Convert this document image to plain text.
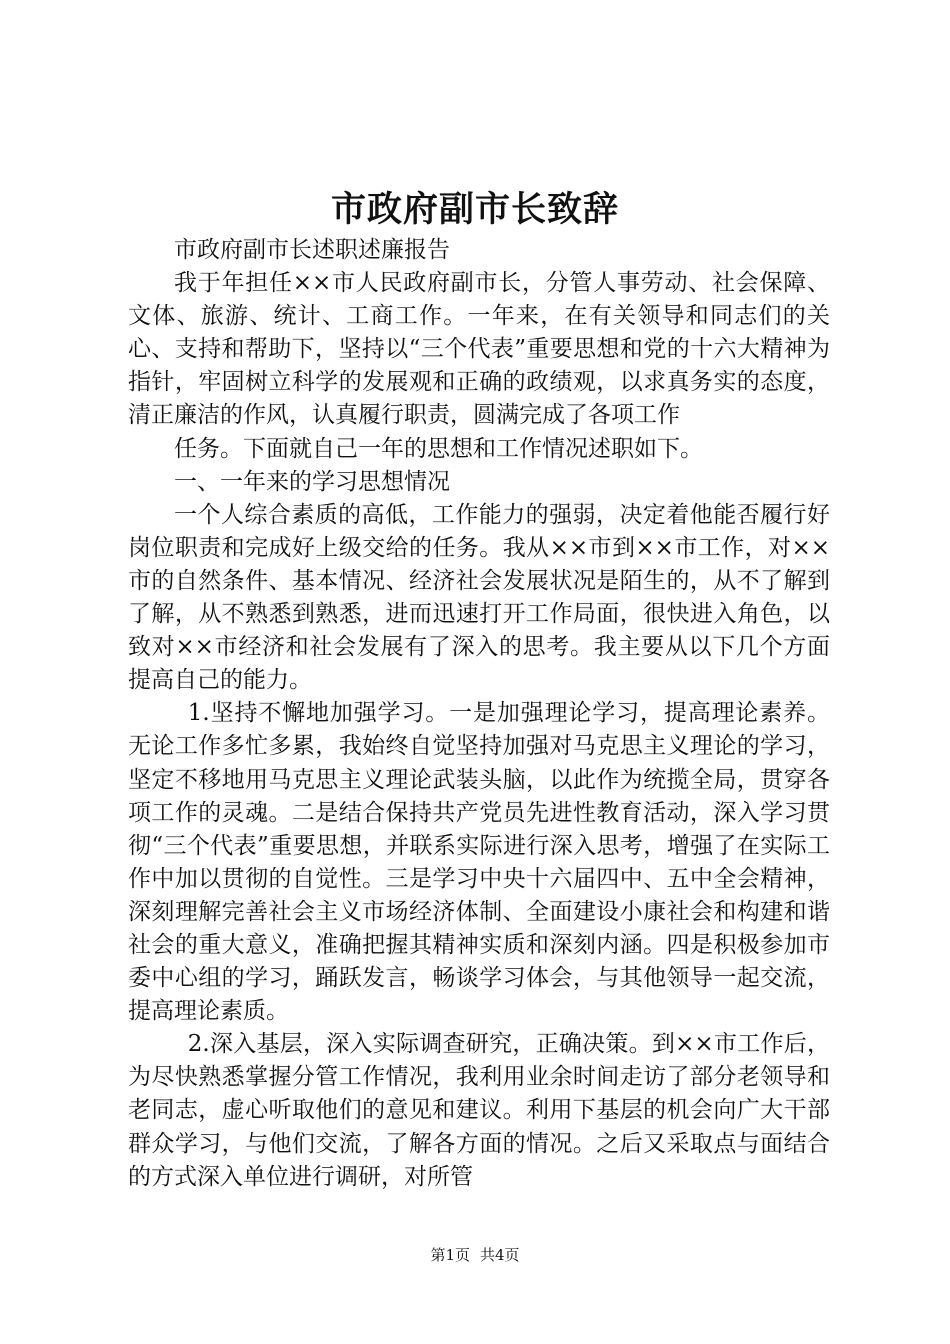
市政府副市长致辞

市政府副市长述职述廉报告

我于年担任××市人民政府副市长，分管人事劳动、社会保障、文体、旅游、统计、工商工作。一年来，在有关领导和同志们的关心、支持和帮助下，坚持以“三个代表”重要思想和党的十六大精神为指针，牢固树立科学的发展观和正确的政绩观，以求真务实的态度，清正廉洁的作风，认真履行职责，圆满完成了各项工作

任务。下面就自己一年的思想和工作情况述职如下。

一、一年来的学习思想情况

一个人综合素质的高低，工作能力的强弱，决定着他能否履行好岗位职责和完成好上级交给的任务。我从××市到××市工作，对××市的自然条件、基本情况、经济社会发展状况是陌生的，从不了解到了解，从不熟悉到熟悉，进而迅速打开工作局面，很快进入角色，以致对××市经济和社会发展有了深入的思考。我主要从以下几个方面提高自己的能力。

1.坚持不懈地加强学习。一是加强理论学习，提高理论素养。无论工作多忙多累，我始终自觉坚持加强对马克思主义理论的学习，坚定不移地用马克思主义理论武装头脑，以此作为统揽全局，贯穿各项工作的灵魂。二是结合保持共产党员先进性教育活动，深入学习贯彻“三个代表”重要思想，并联系实际进行深入思考，增强了在实际工作中加以贯彻的自觉性。三是学习中央十六届四中、五中全会精神，深刻理解完善社会主义市场经济体制、全面建设小康社会和构建和谐社会的重大意义，准确把握其精神实质和深刻内涵。四是积极参加市委中心组的学习，踊跃发言，畅谈学习体会，与其他领导一起交流，提高理论素质。

2.深入基层，深入实际调查研究，正确决策。到××市工作后，为尽快熟悉掌握分管工作情况，我利用业余时间走访了部分老领导和老同志，虚心听取他们的意见和建议。利用下基层的机会向广大干部群众学习，与他们交流，了解各方面的情况。之后又采取点与面结合的方式深入单位进行调研，对所管

第1页 共4页
